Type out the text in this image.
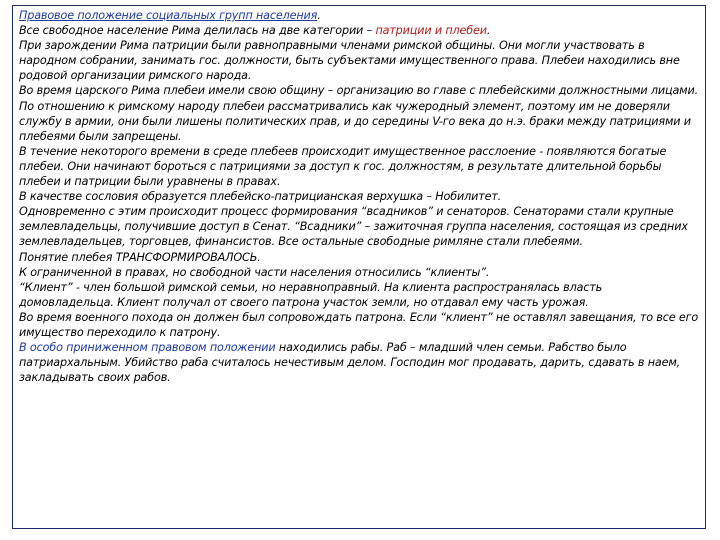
Правовое положение социальных групп населения.

Все свободное население Рима делилась на две категории – патриции и плебеи.

При зарождении Рима патриции были равноправными членами римской общины. Они могли участвовать в народном собрании, занимать гос. должности, быть субъектами имущественного права. Плебеи находились вне родовой организации римского народа.

Во время царского Рима плебеи имели свою общину – организацию во главе с плебейскими должностными лицами. По отношению к римскому народу плебеи рассматривались как чужеродный элемент, поэтому им не доверяли службу в армии, они были лишены политических прав, и до середины V-го века до н.э. браки между патрициями и плебеями были запрещены.

В течение некоторого времени в среде плебеев происходит имущественное расслоение - появляются богатые плебеи. Они начинают бороться с патрициями за доступ к гос. должностям, в результате длительной борьбы плебеи и патриции были уравнены в правах.

В качестве сословия образуется плебейско-патрицианская верхушка – Нобилитет.

Одновременно с этим происходит процесс формирования “всадников” и сенаторов. Сенаторами стали крупные землевладельцы, получившие доступ в Сенат. “Всадники” – зажиточная группа населения, состоящая из средних землевладельцев, торговцев, финансистов. Все остальные свободные римляне стали плебеями.

Понятие плебея ТРАНСФОРМИРОВАЛОСЬ.

К ограниченной в правах, но свободной части населения относились “клиенты”.

“Клиент” - член большой римской семьи, но неравноправный. На клиента распространялась власть домовладельца. Клиент получал от своего патрона участок земли, но отдавал ему часть урожая.

Во время военного похода он должен был сопровождать патрона. Если “клиент” не оставлял завещания, то все его имущество переходило к патрону.

В особо приниженном правовом положении находились рабы. Раб – младший член семьи. Рабство было патриархальным. Убийство раба считалось нечестивым делом. Господин мог продавать, дарить, сдавать в наем, закладывать своих рабов.
